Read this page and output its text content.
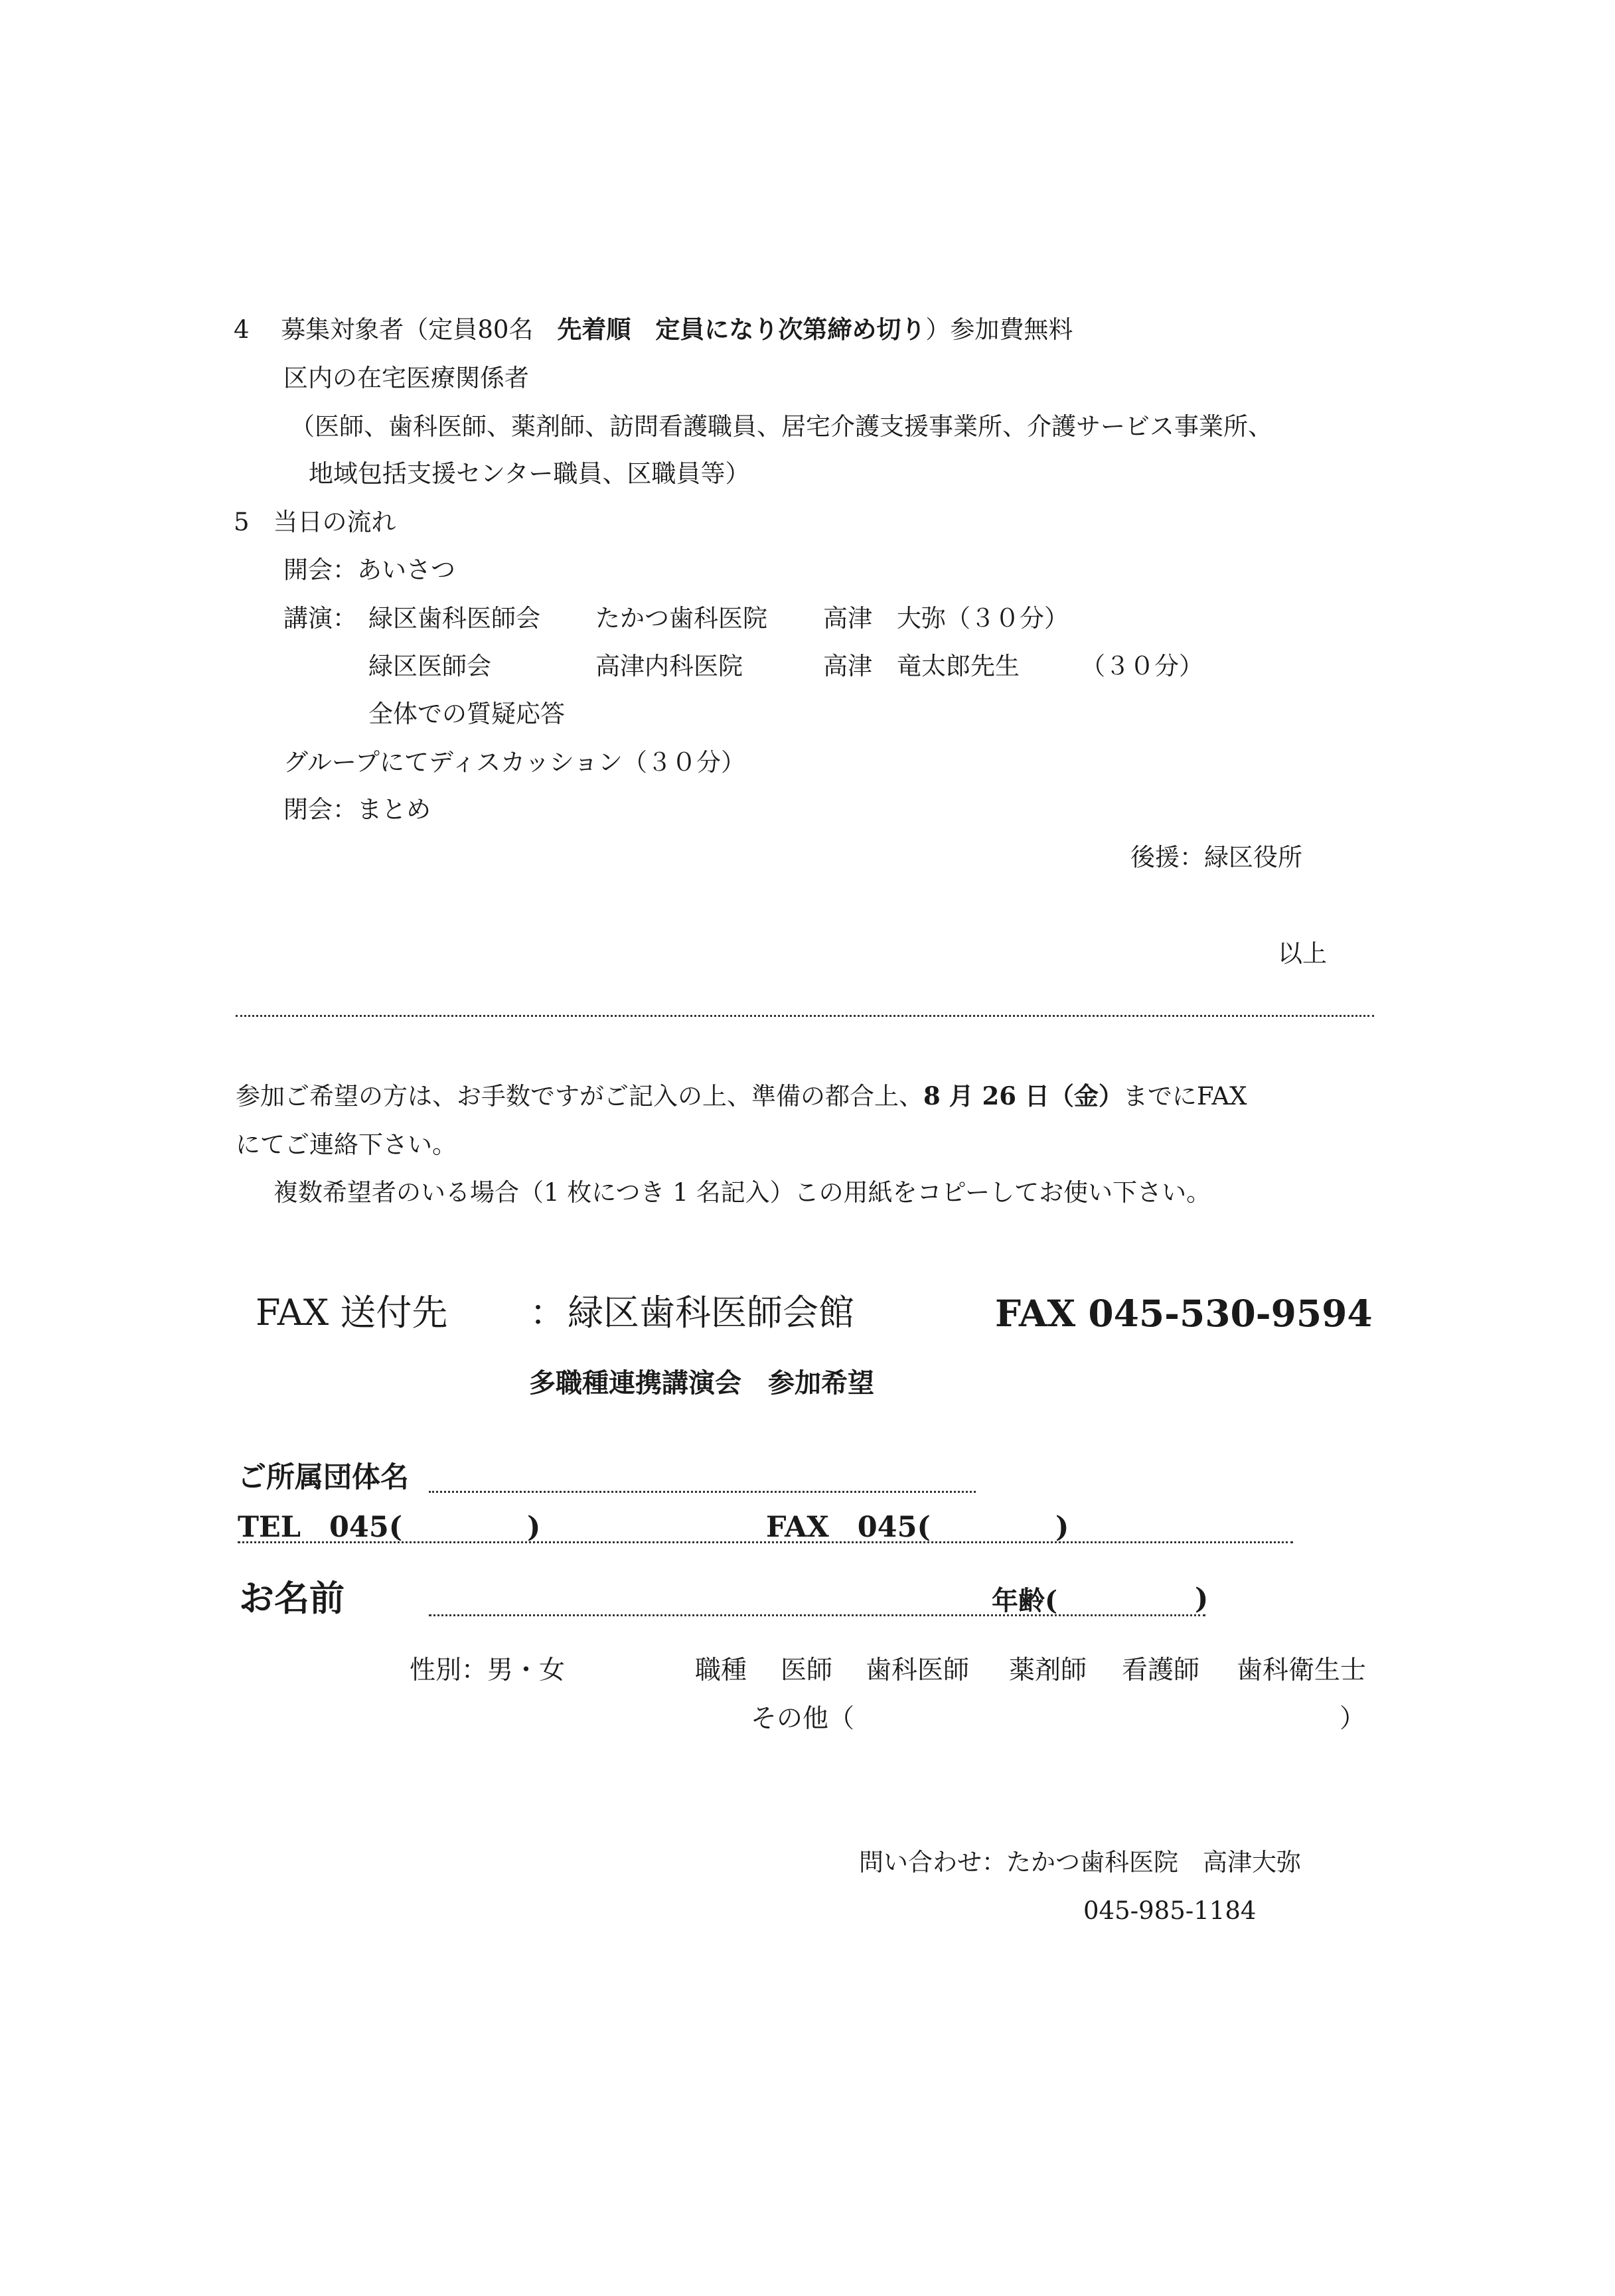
4 募集対象者（定員80名 先着順　定員になり次第締め切り）参加費無料
区内の在宅医療関係者
（医師、歯科医師、薬剤師、訪問看護職員、居宅介護支援事業所、介護サービス事業所、
地域包括支援センター職員、区職員等）
5 当日の流れ
開会：あいさつ
講演： 緑区歯科医師会 たかつ歯科医院 高津　大弥（３０分）
緑区医師会	高津内科医院	高津　竜太郎先生 （３０分）
全体での質疑応答
グループにてディスカッション（３０分）
閉会：まとめ
後援：緑区役所
以上
参加ご希望の方は、お手数ですがご記入の上、準備の都合上、8 月 26 日（金）までにFAX
にてご連絡下さい。
複数希望者のいる場合（1 枚につき 1 名記入）この用紙をコピーしてお使い下さい。
FAX 送付先 ： 緑区歯科医師会館	FAX 045-530-9594
多職種連携講演会　参加希望
ご所属団体名
TEL　045(	)	FAX　045(	)
お名前	年齢(	)
性別：男・女	職種 医師 歯科医師 薬剤師 看護師 歯科衛生士
その他（	）
問い合わせ：たかつ歯科医院　高津大弥
045-985-1184
